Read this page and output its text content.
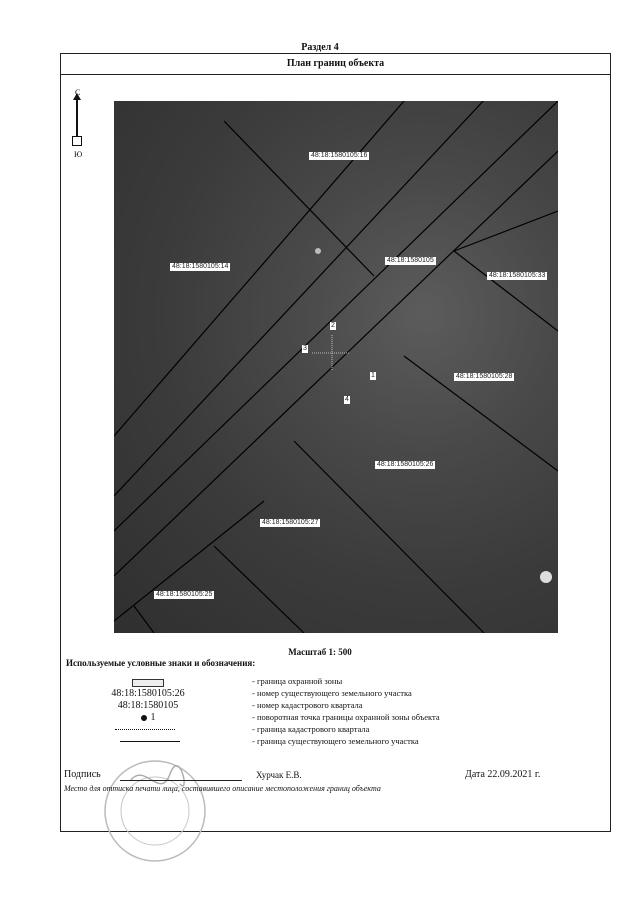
Раздел 4
План границ объекта
Ю	48:18:1580105:16
48:18:1580105:14
48:18:1580105
48:18:1580105:33
48:18:1580105:28
48:18:1580105:26
48:18:1580105:27
48:18:1580105:25
1
2
3
4
Масштаб 1: 500
Используемые условные знаки и обозначения:
- граница охранной зоны
48:18:1580105:26	- номер существующего земельного участка
48:18:1580105	- номер кадастрового квартала
1	- поворотная точка границы охранной зоны объекта
- граница кадастрового квартала
- граница существующего земельного участка
Подпись	Хурчак Е.В.	Дата 22.09.2021 г.
Место для оттиска печати лица, составившего описание местоположения границ объекта
